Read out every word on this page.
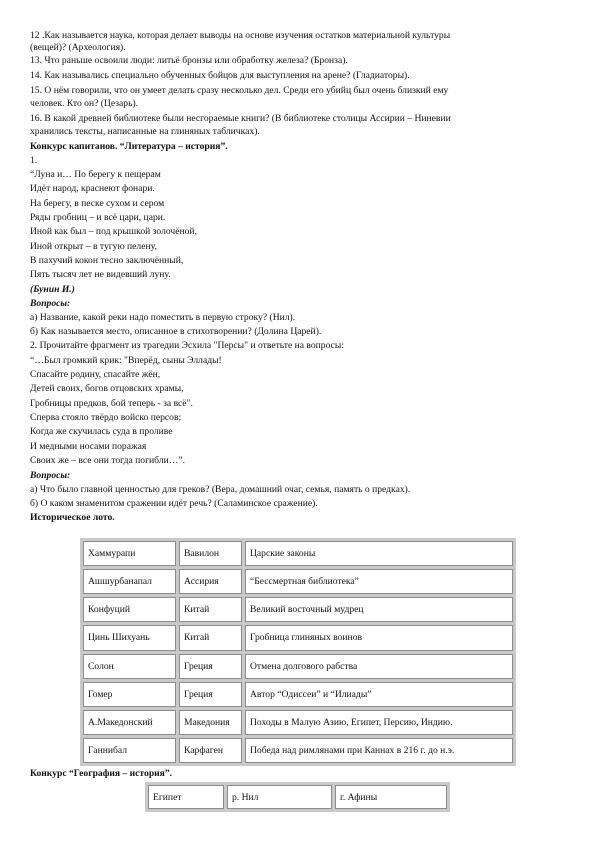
12 .Как называется наука, которая делает выводы на основе изучения остатков материальной культуры
(вещей)? (Археология).
13. Что раньше освоили люди: литьё бронзы или обработку железа? (Бронза).
14. Как назывались специально обученных бойцов для выступления на арене? (Гладиаторы).
15. О нём говорили, что он умеет делать сразу несколько дел. Среди его убийц был очень близкий ему
человек. Кто он? (Цезарь).
16. В какой древней библиотеке были несгораемые книги? (В библиотеке столицы Ассирии – Ниневии
хранились тексты, написанные на глиняных табличках).
Конкурс капитанов. “Литература – история”.
1.
“Луна и… По берегу к пещерам
Идёт народ, краснеют фонари.
На берегу, в песке сухом и сером
Ряды гробниц – и всё цари, цари.
Иной как был – под крышкой золочёной,
Иной открыт – в тугую пелену,
В пахучий кокон тесно заключённый,
Пять тысяч лет не видевший луну.
(Бунин И.)
Вопросы:
а) Название, какой реки надо поместить в первую строку? (Нил).
б) Как называется место, описанное в стихотворении? (Долина Царей).
2. Прочитайте фрагмент из трагедии Эсхила "Персы" и ответьте на вопросы:
“…Был громкий крик: "Вперёд, сыны Эллады!
Спасайте родину, спасайте жён,
Детей своих, богов отцовских храмы,
Гробницы предков, бой теперь - за всё".
Сперва стояло твёрдо войско персов;
Когда же скучилась суда в проливе
И медными носами поражая
Своих же – все они тогда погибли…”.
Вопросы:
а) Что было главной ценностью для греков? (Вера, домашний очаг, семья, память о предках).
б) О каком знаменитом сражении идёт речь? (Саламинское сражение).
Историческое лото.
Хаммурапи	Вавилон	Царские законы
Ашшурбанапал	Ассирия	“Бессмертная библиотека”
Конфуций	Китай	Великий восточный мудрец
Цинь Шихуань	Китай	Гробница глиняных воинов
Солон	Греция	Отмена долгового рабства
Гомер	Греция	Автор “Одиссеи” и “Илиады”
А.Македонский	Македония	Походы в Малую Азию, Египет, Персию, Индию.
Ганнибал	Карфаген	Победа над римлянами при Каннах в 216 г. до н.э.
Конкурс “География – история”.
Египет	р. Нил	г. Афины
